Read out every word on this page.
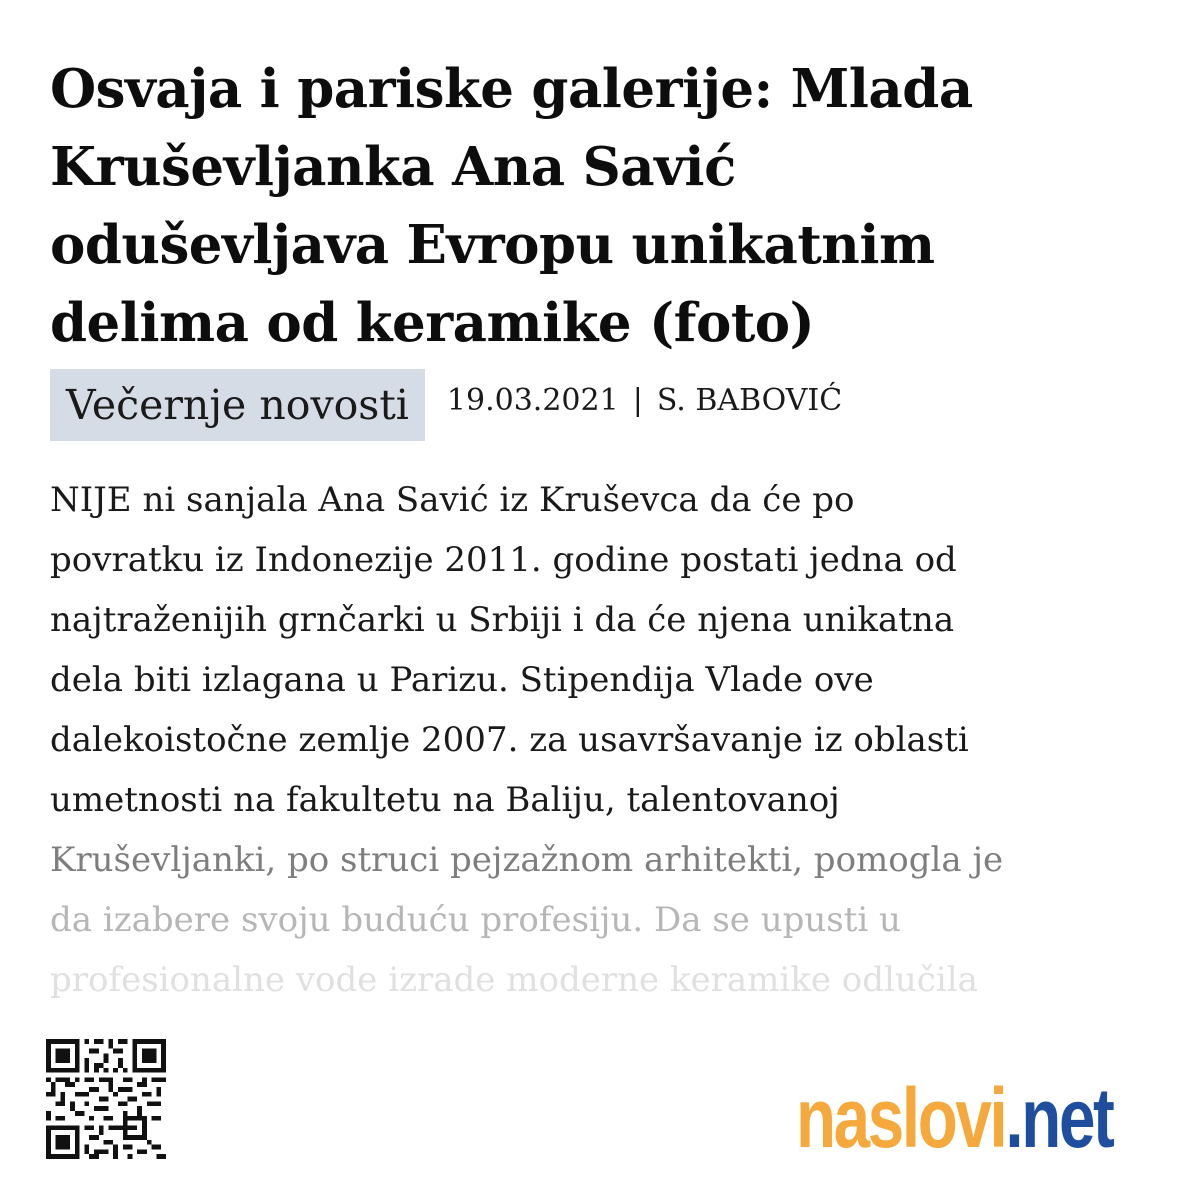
Osvaja i pariske galerije: Mlada
Kruševljanka Ana Savić
oduševljava Evropu unikatnim
delima od keramike (foto)
Večernje novosti	19.03.2021 | S. BABOVIĆ

NIJE ni sanjala Ana Savić iz Kruševca da će po

povratku iz Indonezije 2011. godine postati jedna od

najtraženijih grnčarki u Srbiji i da će njena unikatna

dela biti izlagana u Parizu. Stipendija Vlade ove

dalekoistočne zemlje 2007. za usavršavanje iz oblasti

umetnosti na fakultetu na Baliju, talentovanoj

Kruševljanki, po struci pejzažnom arhitekti, pomogla je

da izabere svoju buduću profesiju. Da se upusti u

profesionalne vode izrade moderne keramike odlučila

naslovi .net
